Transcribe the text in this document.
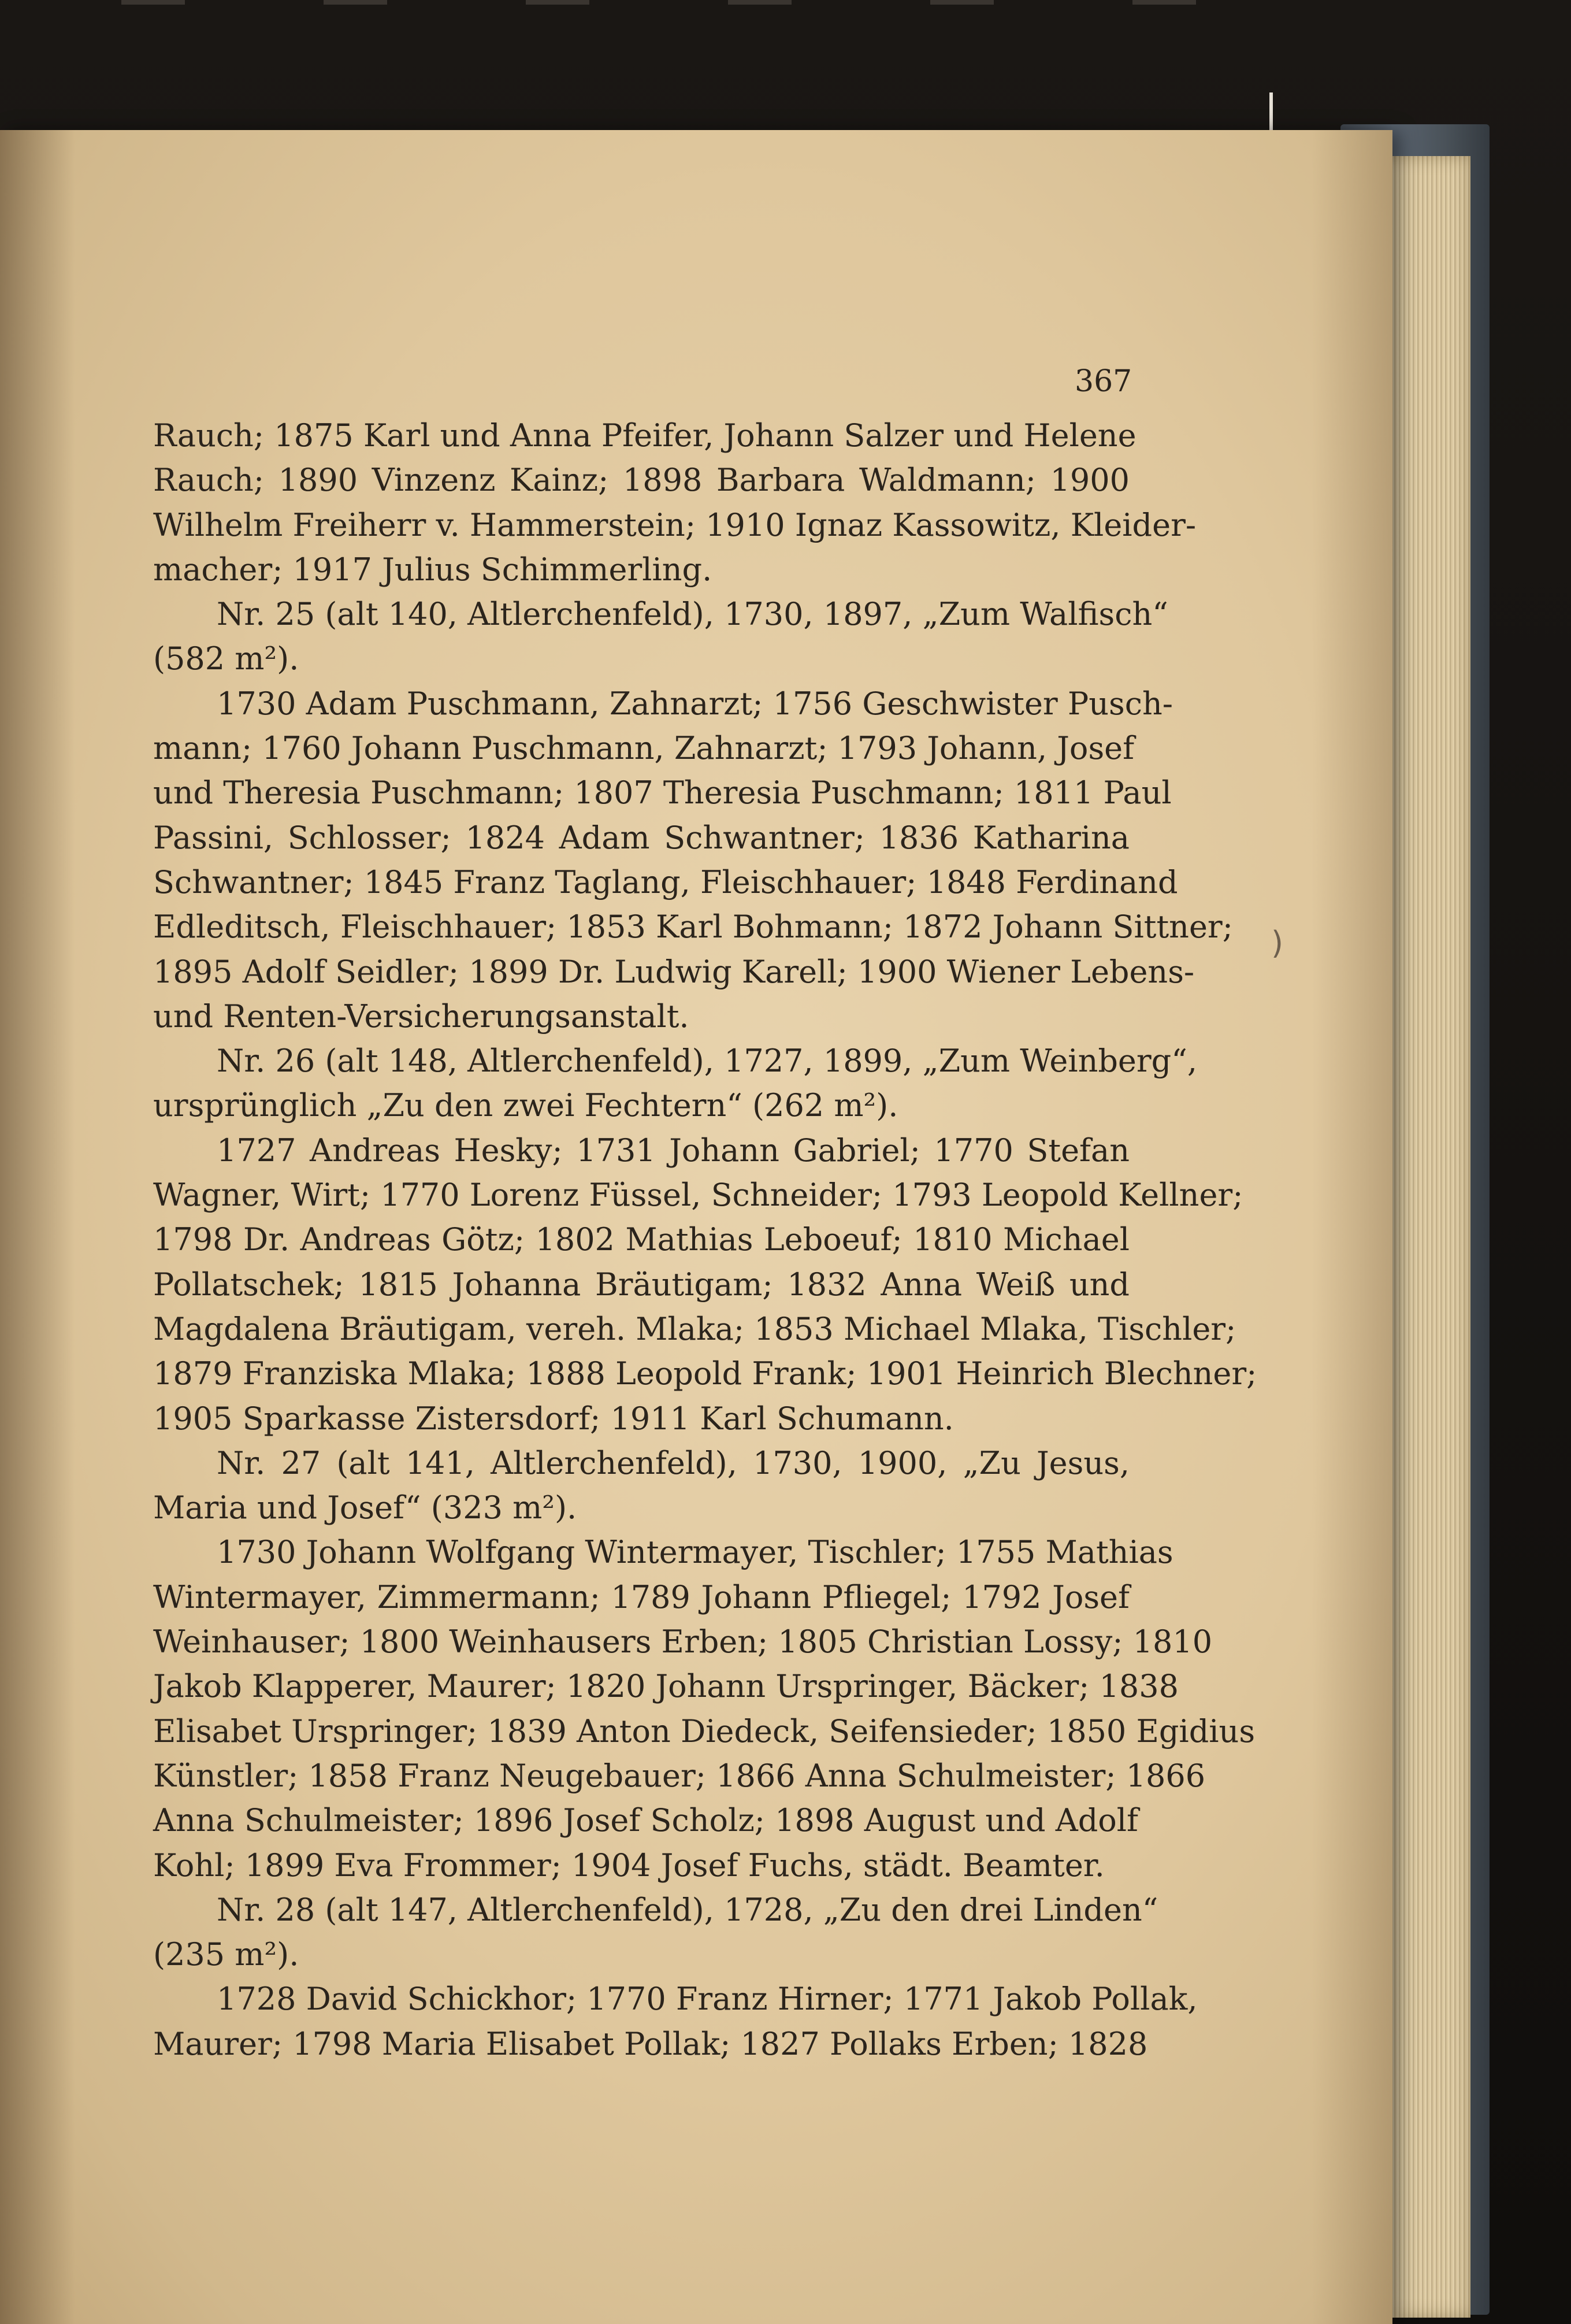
367
Rauch; 1875 Karl und Anna Pfeifer, Johann Salzer und Helene
Rauch; 1890 Vinzenz Kainz; 1898 Barbara Waldmann; 1900
Wilhelm Freiherr v. Hammerstein; 1910 Ignaz Kassowitz, Kleider-
macher; 1917 Julius Schimmerling.
Nr. 25 (alt 140, Altlerchenfeld), 1730, 1897, „Zum Walfisch“
(582 m²).
1730 Adam Puschmann, Zahnarzt; 1756 Geschwister Pusch-
mann; 1760 Johann Puschmann, Zahnarzt; 1793 Johann, Josef
und Theresia Puschmann; 1807 Theresia Puschmann; 1811 Paul
Passini, Schlosser; 1824 Adam Schwantner; 1836 Katharina
Schwantner; 1845 Franz Taglang, Fleischhauer; 1848 Ferdinand
Edleditsch, Fleischhauer; 1853 Karl Bohmann; 1872 Johann Sittner;
1895 Adolf Seidler; 1899 Dr. Ludwig Karell; 1900 Wiener Lebens-
und Renten-Versicherungsanstalt.
Nr. 26 (alt 148, Altlerchenfeld), 1727, 1899, „Zum Weinberg“,
ursprünglich „Zu den zwei Fechtern“ (262 m²).
1727 Andreas Hesky; 1731 Johann Gabriel; 1770 Stefan
Wagner, Wirt; 1770 Lorenz Füssel, Schneider; 1793 Leopold Kellner;
1798 Dr. Andreas Götz; 1802 Mathias Leboeuf; 1810 Michael
Pollatschek; 1815 Johanna Bräutigam; 1832 Anna Weiß und
Magdalena Bräutigam, vereh. Mlaka; 1853 Michael Mlaka, Tischler;
1879 Franziska Mlaka; 1888 Leopold Frank; 1901 Heinrich Blechner;
1905 Sparkasse Zistersdorf; 1911 Karl Schumann.
Nr. 27 (alt 141, Altlerchenfeld), 1730, 1900, „Zu Jesus,
Maria und Josef“ (323 m²).
1730 Johann Wolfgang Wintermayer, Tischler; 1755 Mathias
Wintermayer, Zimmermann; 1789 Johann Pfliegel; 1792 Josef
Weinhauser; 1800 Weinhausers Erben; 1805 Christian Lossy; 1810
Jakob Klapperer, Maurer; 1820 Johann Urspringer, Bäcker; 1838
Elisabet Urspringer; 1839 Anton Diedeck, Seifensieder; 1850 Egidius
Künstler; 1858 Franz Neugebauer; 1866 Anna Schulmeister; 1866
Anna Schulmeister; 1896 Josef Scholz; 1898 August und Adolf
Kohl; 1899 Eva Frommer; 1904 Josef Fuchs, städt. Beamter.
Nr. 28 (alt 147, Altlerchenfeld), 1728, „Zu den drei Linden“
(235 m²).
1728 David Schickhor; 1770 Franz Hirner; 1771 Jakob Pollak,
Maurer; 1798 Maria Elisabet Pollak; 1827 Pollaks Erben; 1828
)
